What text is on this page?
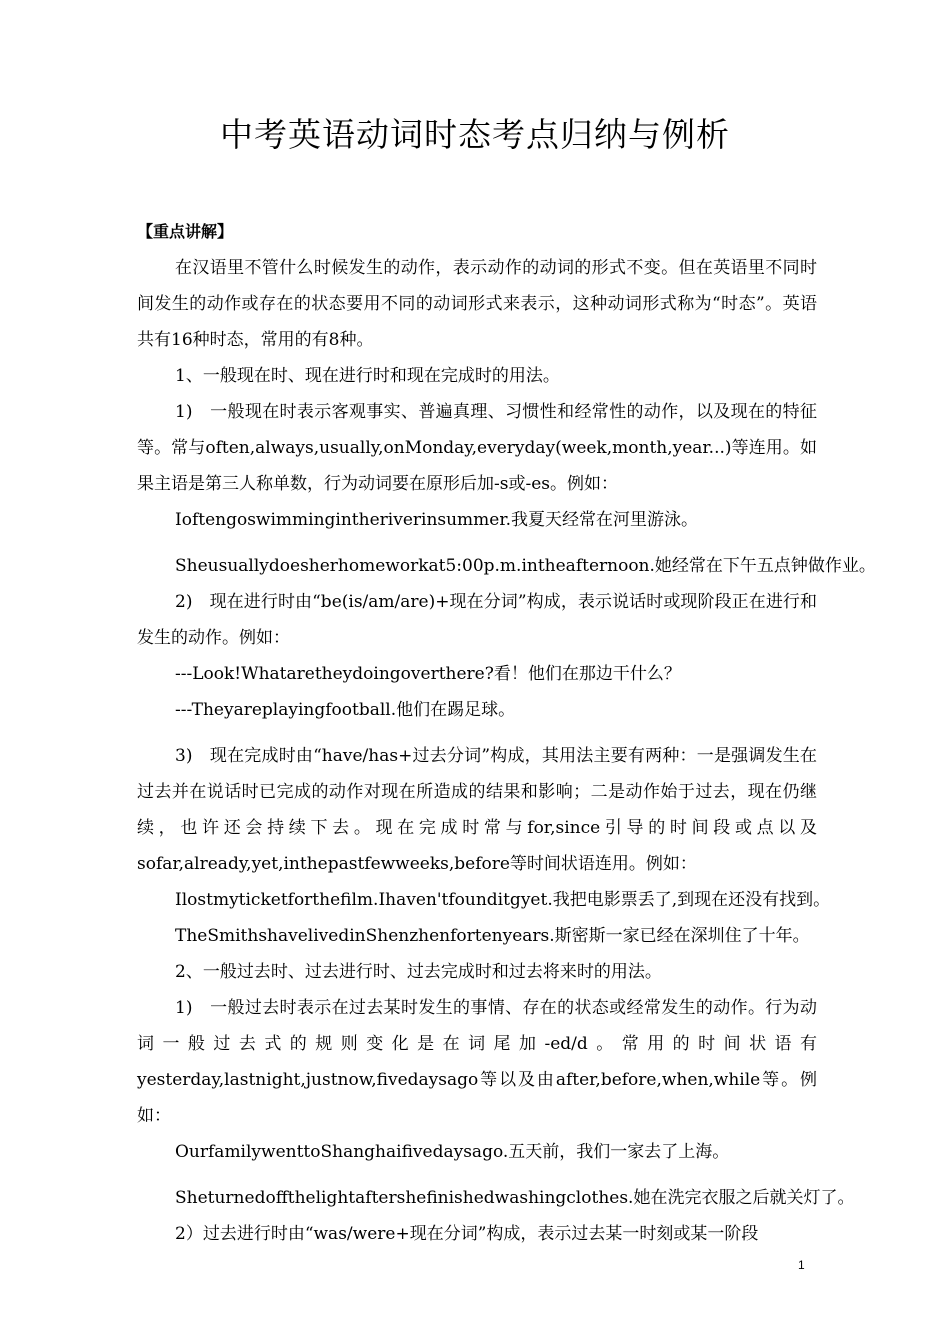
中考英语动词时态考点归纳与例析

【重点讲解】

在汉语里不管什么时候发生的动作，表示动作的动词的形式不变。但在英语里不同时间发生的动作或存在的状态要用不同的动词形式来表示，这种动词形式称为“时态”。英语共有16种时态，常用的有8种。

1、一般现在时、现在进行时和现在完成时的用法。

1)　一般现在时表示客观事实、普遍真理、习惯性和经常性的动作，以及现在的特征等。常与often,always,usually,onMonday,everyday(week,month,year...)等连用。如果主语是第三人称单数，行为动词要在原形后加-s或-es。例如：

Ioftengoswimmingintheriverinsummer.我夏天经常在河里游泳。

Sheusuallydoesherhomeworkat5:00p.m.intheafternoon.她经常在下午五点钟做作业。

2)　现在进行时由“be(is/am/are)+现在分词”构成，表示说话时或现阶段正在进行和发生的动作。例如：

---Look!Whataretheydoingoverthere?看！他们在那边干什么？

---Theyareplayingfootball.他们在踢足球。

3)　现在完成时由“have/has+过去分词”构成，其用法主要有两种：一是强调发生在过去并在说话时已完成的动作对现在所造成的结果和影响；二是动作始于过去，现在仍继续，也许还会持续下去。现在完成时常与for,since引导的时间段或点以及sofar,already,yet,inthepastfewweeks,before等时间状语连用。例如：

Ilostmyticketforthefilm.Ihaven'tfounditgyet.我把电影票丢了,到现在还没有找到。

TheSmithshavelivedinShenzhenfortenyears.斯密斯一家已经在深圳住了十年。

2、一般过去时、过去进行时、过去完成时和过去将来时的用法。

1)　一般过去时表示在过去某时发生的事情、存在的状态或经常发生的动作。行为动词一般过去式的规则变化是在词尾加-ed/d。常用的时间状语有yesterday,lastnight,justnow,fivedaysago等以及由after,before,when,while等。例如：

OurfamilywenttoShanghaifivedaysago.五天前，我们一家去了上海。

Sheturnedoffthelightaftershefinishedwashingclothes.她在洗完衣服之后就关灯了。

2）过去进行时由“was/were+现在分词”构成，表示过去某一时刻或某一阶段

1
